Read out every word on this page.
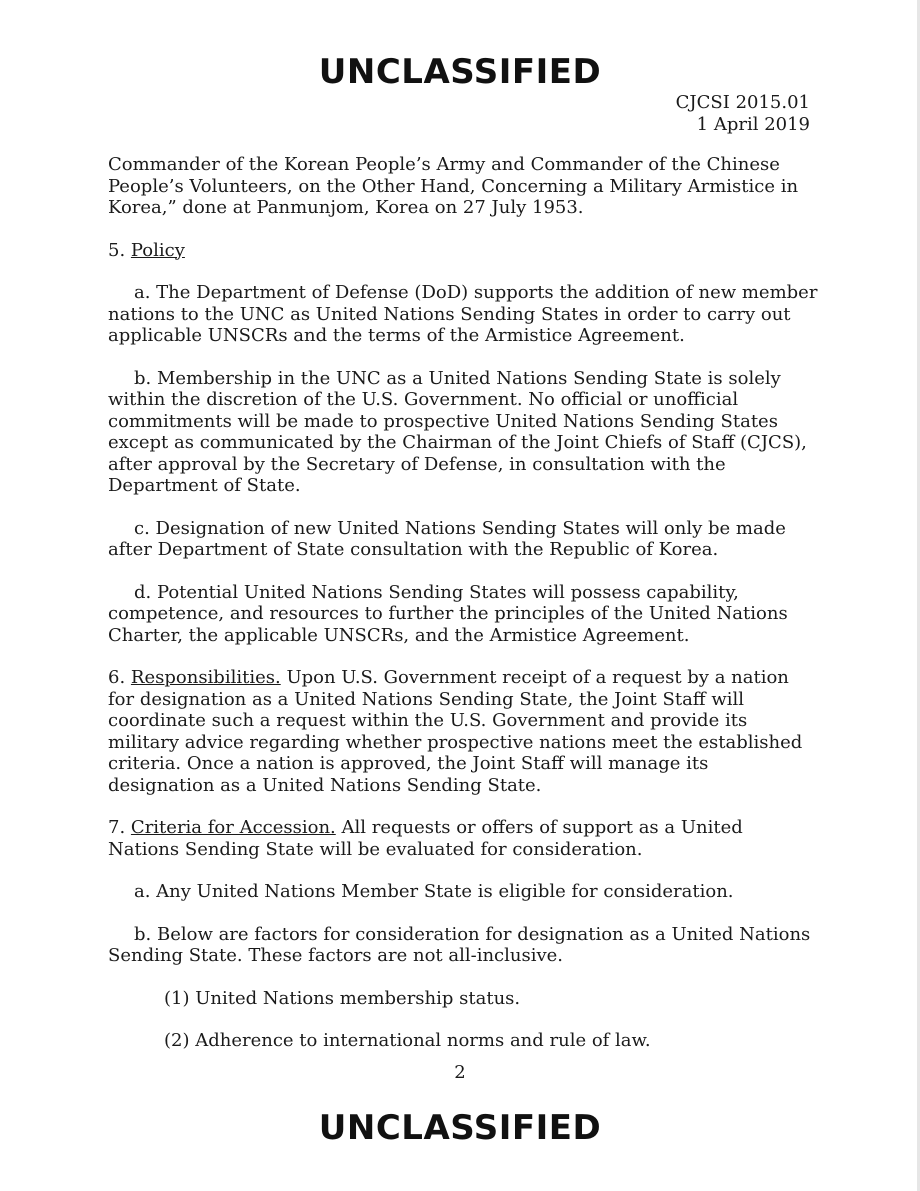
UNCLASSIFIED
CJCSI 2015.01
1 April 2019

Commander of the Korean People’s Army and Commander of the Chinese People’s Volunteers, on the Other Hand, Concerning a Military Armistice in Korea,” done at Panmunjom, Korea on 27 July 1953.

5. Policy

a. The Department of Defense (DoD) supports the addition of new member nations to the UNC as United Nations Sending States in order to carry out applicable UNSCRs and the terms of the Armistice Agreement.

b. Membership in the UNC as a United Nations Sending State is solely within the discretion of the U.S. Government. No official or unofficial commitments will be made to prospective United Nations Sending States except as communicated by the Chairman of the Joint Chiefs of Staff (CJCS), after approval by the Secretary of Defense, in consultation with the Department of State.

c. Designation of new United Nations Sending States will only be made after Department of State consultation with the Republic of Korea.

d. Potential United Nations Sending States will possess capability, competence, and resources to further the principles of the United Nations Charter, the applicable UNSCRs, and the Armistice Agreement.

6. Responsibilities. Upon U.S. Government receipt of a request by a nation for designation as a United Nations Sending State, the Joint Staff will coordinate such a request within the U.S. Government and provide its military advice regarding whether prospective nations meet the established criteria. Once a nation is approved, the Joint Staff will manage its designation as a United Nations Sending State.

7. Criteria for Accession. All requests or offers of support as a United Nations Sending State will be evaluated for consideration.

a. Any United Nations Member State is eligible for consideration.

b. Below are factors for consideration for designation as a United Nations Sending State. These factors are not all-inclusive.

(1) United Nations membership status.

(2) Adherence to international norms and rule of law.

2
UNCLASSIFIED
